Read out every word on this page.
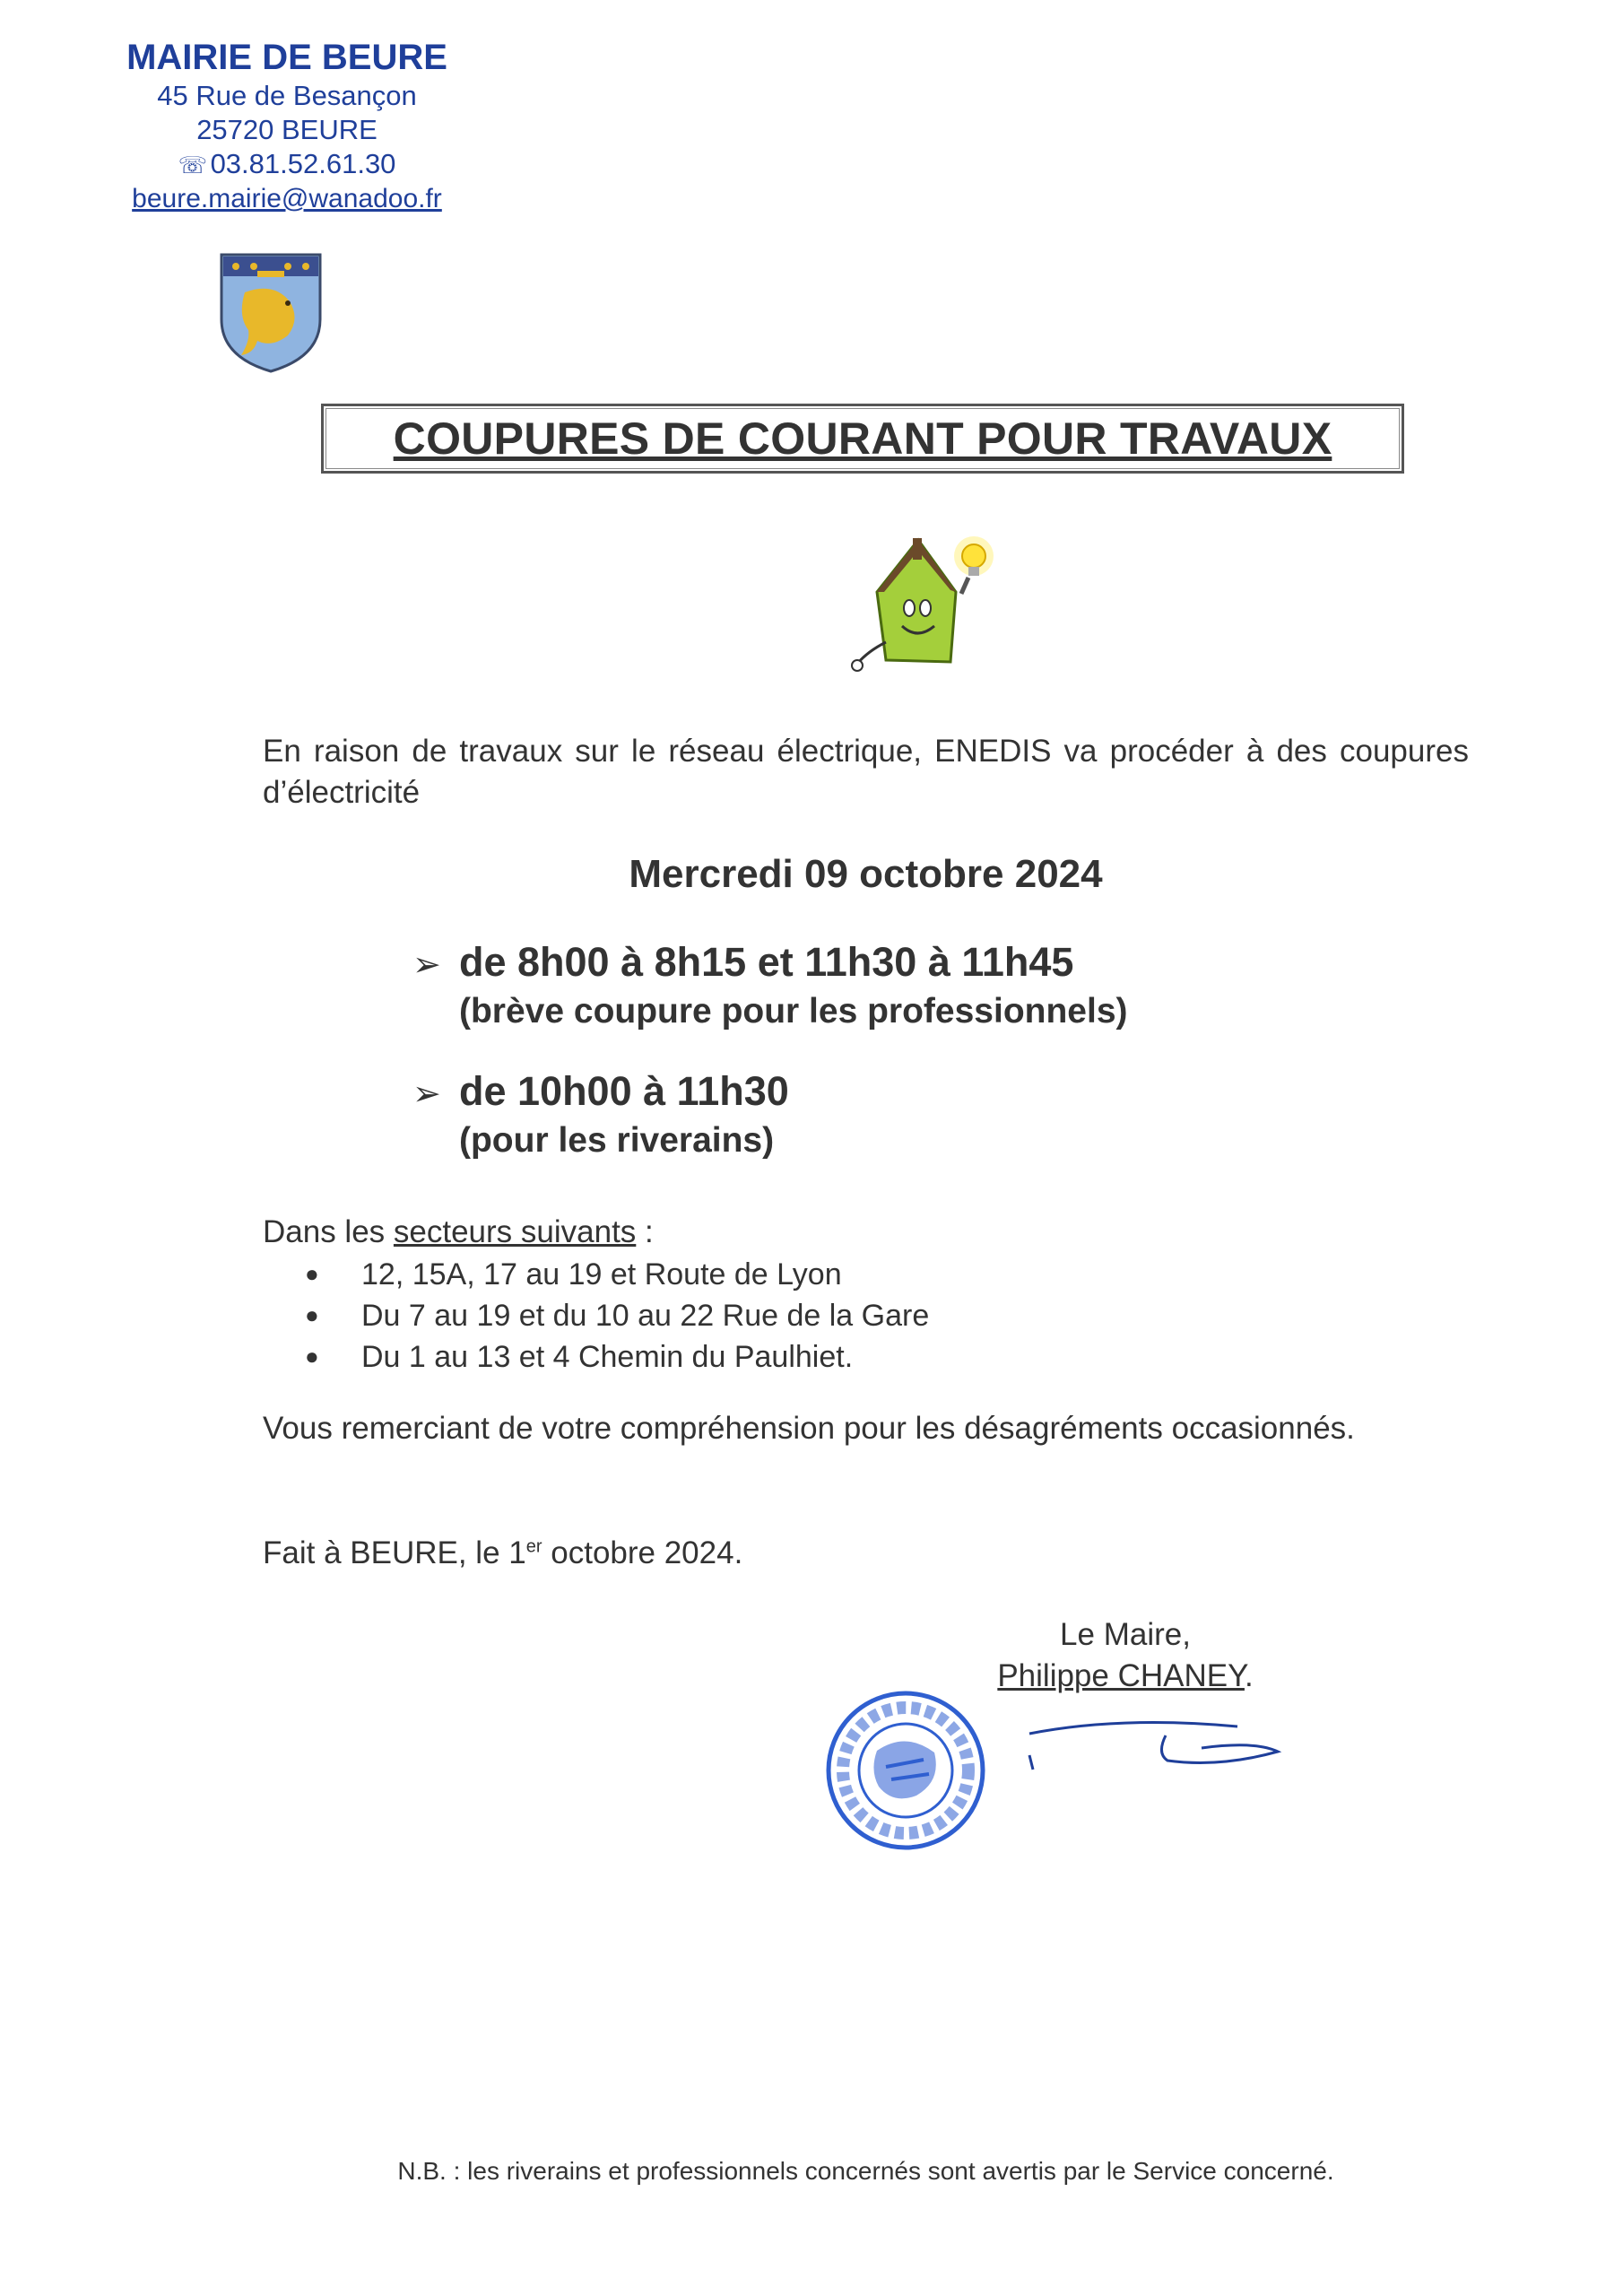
MAIRIE DE BEURE
45 Rue de Besançon
25720 BEURE
☏ 03.81.52.61.30
beure.mairie@wanadoo.fr
COUPURES DE COURANT POUR TRAVAUX
En raison de travaux sur le réseau électrique, ENEDIS va procéder à des coupures d’électricité
Mercredi 09 octobre 2024
➢ de 8h00 à 8h15 et 11h30 à 11h45
(brève coupure pour les professionnels)
➢ de 10h00 à 11h30
(pour les riverains)
Dans les secteurs suivants :
● 12, 15A, 17 au 19 et Route de Lyon
● Du 7 au 19 et du 10 au 22 Rue de la Gare
● Du 1 au 13 et 4 Chemin du Paulhiet.
Vous remerciant de votre compréhension pour les désagréments occasionnés.
Fait à BEURE, le 1er octobre 2024.
Le Maire,
Philippe CHANEY.
N.B. : les riverains et professionnels concernés sont avertis par le Service concerné.
